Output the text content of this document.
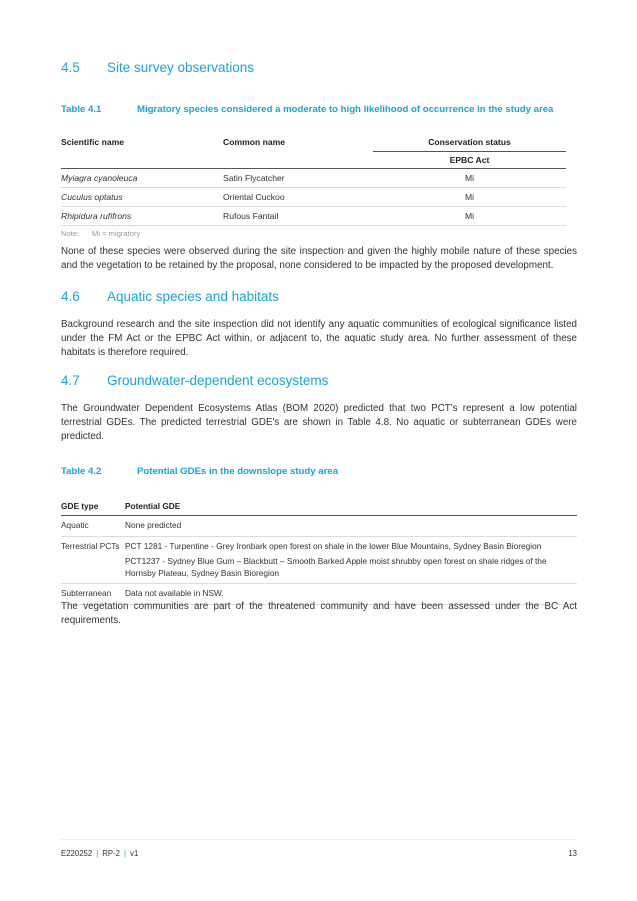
4.5 Site survey observations
Table 4.1	Migratory species considered a moderate to high likelihood of occurrence in the study area
Scientific name	Common name	Conservation status
		EPBC Act
Myiagra cyanoleuca	Satin Flycatcher	Mi
Cuculus optatus	Oriental Cuckoo	Mi
Rhipidura rufifrons	Rufous Fantail	Mi
Note: Mi = migratory
None of these species were observed during the site inspection and given the highly mobile nature of these species and the vegetation to be retained by the proposal, none considered to be impacted by the proposed development.
4.6 Aquatic species and habitats
Background research and the site inspection did not identify any aquatic communities of ecological significance listed under the FM Act or the EPBC Act within, or adjacent to, the aquatic study area. No further assessment of these habitats is therefore required.
4.7 Groundwater-dependent ecosystems
The Groundwater Dependent Ecosystems Atlas (BOM 2020) predicted that two PCT's represent a low potential terrestrial GDEs. The predicted terrestrial GDE's are shown in Table 4.8. No aquatic or subterranean GDEs were predicted.
Table 4.2	Potential GDEs in the downslope study area
GDE type	Potential GDE
Aquatic	None predicted

Terrestrial PCTs	PCT 1281 - Turpentine - Grey Ironbark open forest on shale in the lower Blue Mountains, Sydney Basin Bioregion
PCT1237 - Sydney Blue Gum – Blackbutt – Smooth Barked Apple moist shrubby open forest on shale ridges of the Hornsby Plateau, Sydney Basin Bioregion

Subterranean	Data not available in NSW.
The vegetation communities are part of the threatened community and have been assessed under the BC Act requirements.
E220252 | RP-2 | v1	13
